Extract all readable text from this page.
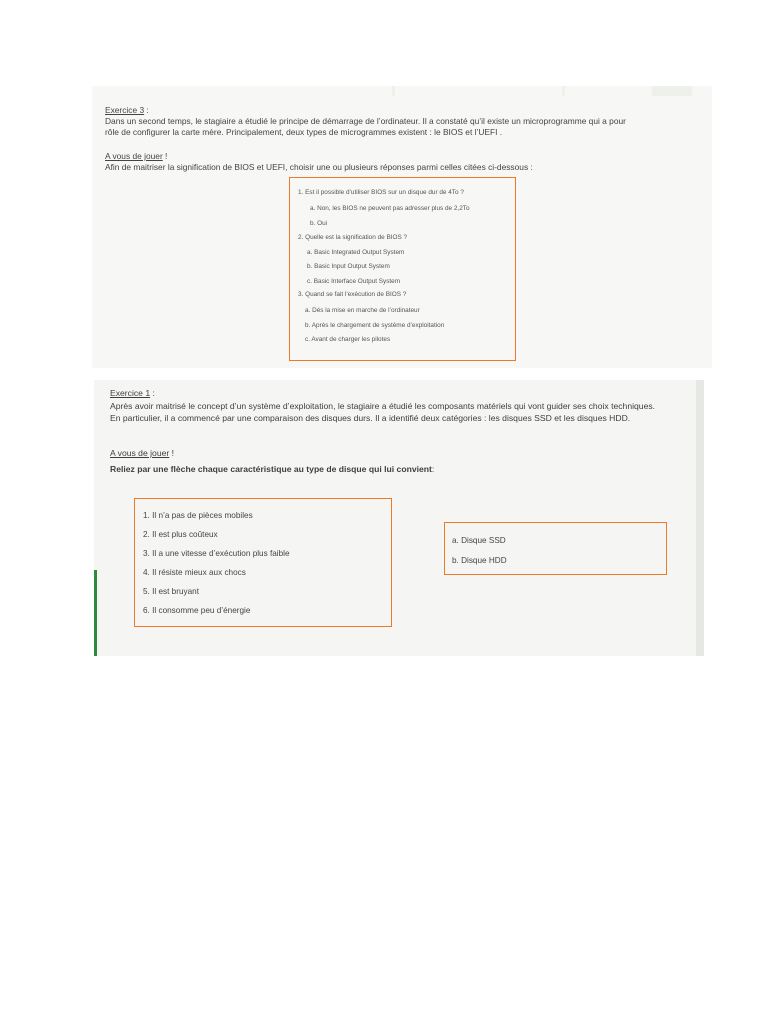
Exercice 3 :
Dans un second temps, le stagiaire a étudié le principe de démarrage de l’ordinateur. Il a constaté qu’il existe un microprogramme qui a pour
rôle de configurer la carte mère. Principalement, deux types de microgrammes existent : le BIOS et l’UEFI .
A vous de jouer !
Afin de maitriser la signification de BIOS et UEFI, choisir une ou plusieurs réponses parmi celles citées ci-dessous :
1. Est il possible d’utiliser BIOS sur un disque dur de 4To ?
a. Non, les BIOS ne peuvent pas adresser plus de 2,2To
b. Oui
2. Quelle est la signification de BIOS ?
a. Basic Integrated Output System
b. Basic Input Output System
c. Basic Interface Output System
3. Quand se fait l’exécution de BIOS ?
a. Dés la mise en marche de l’ordinateur
b. Après le chargement de système d’exploitation
c. Avant de charger les pilotes
Exercice 1 :
Après avoir maitrisé le concept d’un système d’exploitation, le stagiaire a étudié les composants matériels qui vont guider ses choix techniques.
En particulier, il a commencé par une comparaison des disques durs. Il a identifié deux catégories : les disques SSD et les disques HDD.
A vous de jouer !
Reliez par une flèche chaque caractéristique au type de disque qui lui convient:
1. Il n’a pas de pièces mobiles
2. Il est plus coûteux
3. Il a une vitesse d’exécution plus faible
4. Il résiste mieux aux chocs
5. Il est bruyant
6. Il consomme peu d’énergie
a. Disque SSD
b. Disque HDD
